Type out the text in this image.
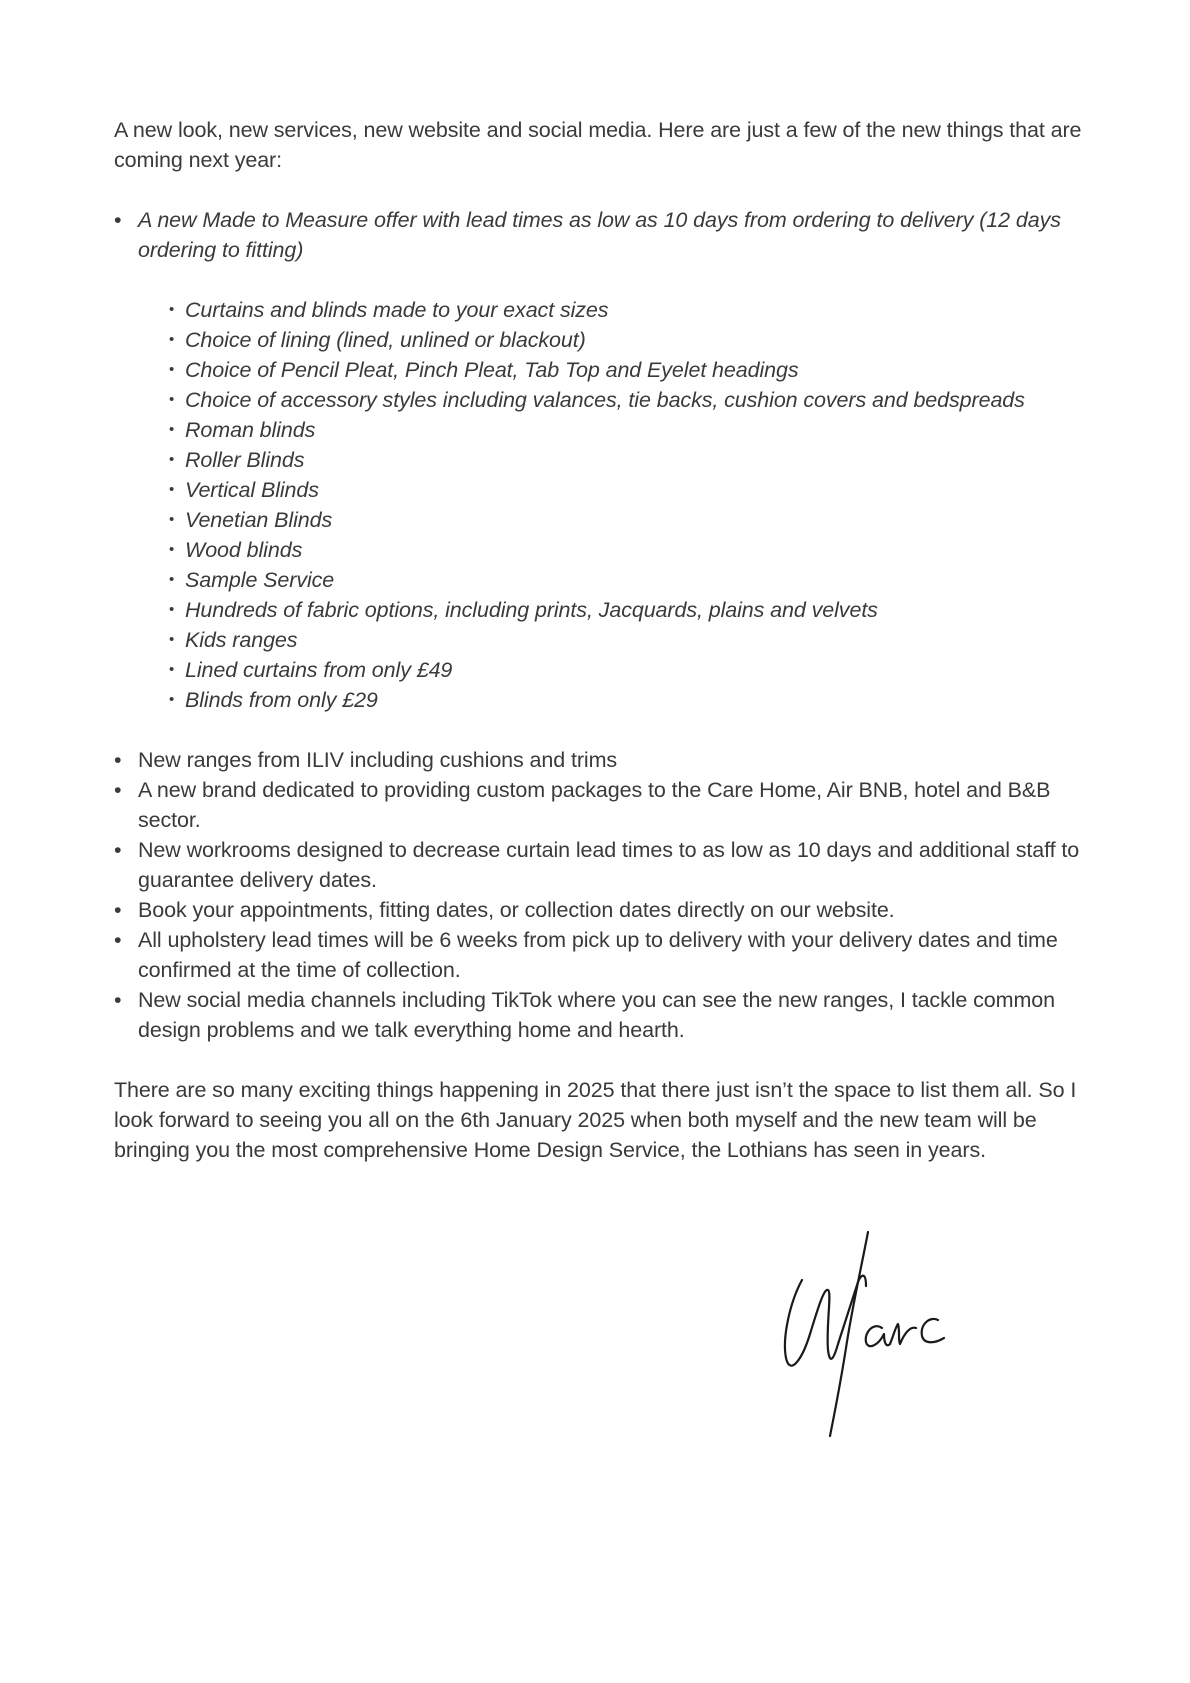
A new look, new services, new website and social media. Here are just a few of the new things that are coming next year:

• A new Made to Measure offer with lead times as low as 10 days from ordering to delivery (12 days ordering to fitting)
• Curtains and blinds made to your exact sizes
• Choice of lining (lined, unlined or blackout)
• Choice of Pencil Pleat, Pinch Pleat, Tab Top and Eyelet headings
• Choice of accessory styles including valances, tie backs, cushion covers and bedspreads
• Roman blinds
• Roller Blinds
• Vertical Blinds
• Venetian Blinds
• Wood blinds
• Sample Service
• Hundreds of fabric options, including prints, Jacquards, plains and velvets
• Kids ranges
• Lined curtains from only £49
• Blinds from only £29
• New ranges from ILIV including cushions and trims
• A new brand dedicated to providing custom packages to the Care Home, Air BNB, hotel and B&B sector.
• New workrooms designed to decrease curtain lead times to as low as 10 days and additional staff to guarantee delivery dates.
• Book your appointments, fitting dates, or collection dates directly on our website.
• All upholstery lead times will be 6 weeks from pick up to delivery with your delivery dates and time confirmed at the time of collection.
• New social media channels including TikTok where you can see the new ranges, I tackle common design problems and we talk everything home and hearth.

There are so many exciting things happening in 2025 that there just isn’t the space to list them all. So I look forward to seeing you all on the 6th January 2025 when both myself and the new team will be bringing you the most comprehensive Home Design Service, the Lothians has seen in years.
